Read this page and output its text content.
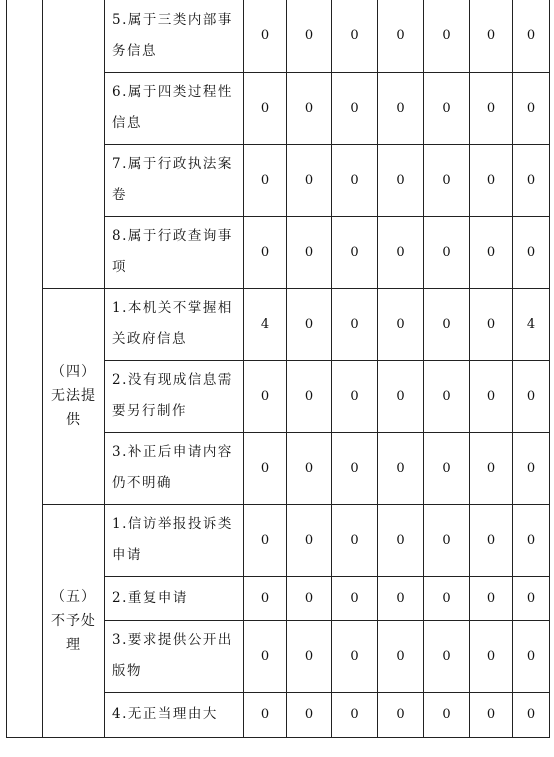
		5.属于三类内部事务信息	0	0	0	0	0	0	0
		6.属于四类过程性信息	0	0	0	0	0	0	0
		7.属于行政执法案卷	0	0	0	0	0	0	0
		8.属于行政查询事项	0	0	0	0	0	0	0

	（四）
无法提
供	1.本机关不掌握相关政府信息	4	0	0	0	0	0	4
		2.没有现成信息需要另行制作	0	0	0	0	0	0	0
		3.补正后申请内容仍不明确	0	0	0	0	0	0	0

	（五）
不予处
理	1.信访举报投诉类申请	0	0	0	0	0	0	0
		2.重复申请	0	0	0	0	0	0	0
		3.要求提供公开出版物	0	0	0	0	0	0	0
		4.无正当理由大	0	0	0	0	0	0	0
